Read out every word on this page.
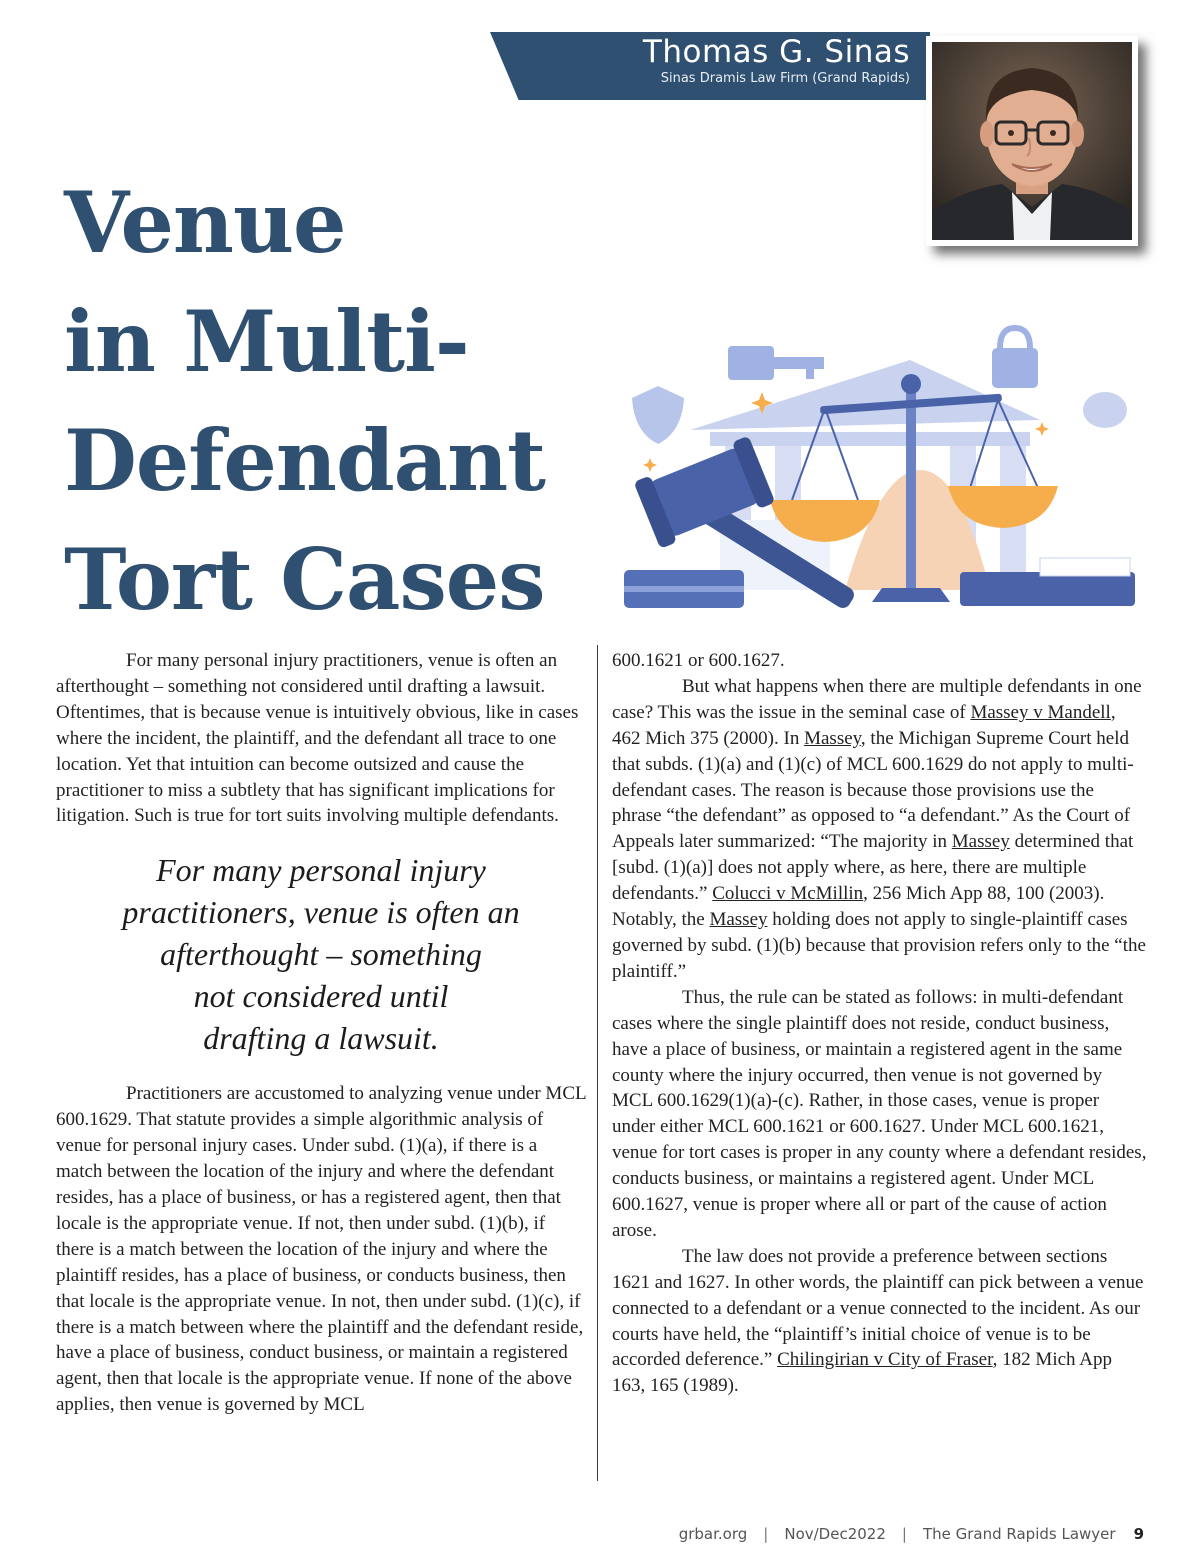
Thomas G. Sinas
Sinas Dramis Law Firm (Grand Rapids)
Venue
in Multi-
Defendant
Tort Cases

For many personal injury practitioners, venue is often an afterthought – something not considered until drafting a lawsuit. Oftentimes, that is because venue is intuitively obvious, like in cases where the incident, the plaintiff, and the defendant all trace to one location. Yet that intuition can become outsized and cause the practitioner to miss a subtlety that has significant implications for litigation. Such is true for tort suits involving multiple defendants.

For many personal injury
practitioners, venue is often an
afterthought – something
not considered until
drafting a lawsuit.

Practitioners are accustomed to analyzing venue under MCL 600.1629. That statute provides a simple algorithmic analysis of venue for personal injury cases. Under subd. (1)(a), if there is a match between the location of the injury and where the defendant resides, has a place of business, or has a registered agent, then that locale is the appropriate venue. If not, then under subd. (1)(b), if there is a match between the location of the injury and where the plaintiff resides, has a place of business, or conducts business, then that locale is the appropriate venue. In not, then under subd. (1)(c), if there is a match between where the plaintiff and the defendant reside, have a place of business, conduct business, or maintain a registered agent, then that locale is the appropriate venue. If none of the above applies, then venue is governed by MCL

600.1621 or 600.1627.

But what happens when there are multiple defendants in one case? This was the issue in the seminal case of Massey v Mandell, 462 Mich 375 (2000). In Massey, the Michigan Supreme Court held that subds. (1)(a) and (1)(c) of MCL 600.1629 do not apply to multi-defendant cases. The reason is because those provisions use the phrase “the defendant” as opposed to “a defendant.” As the Court of Appeals later summarized: “The majority in Massey determined that [subd. (1)(a)] does not apply where, as here, there are multiple defendants.” Colucci v McMillin, 256 Mich App 88, 100 (2003). Notably, the Massey holding does not apply to single-plaintiff cases governed by subd. (1)(b) because that provision refers only to the “the plaintiff.”

Thus, the rule can be stated as follows: in multi-defendant cases where the single plaintiff does not reside, conduct business, have a place of business, or maintain a registered agent in the same county where the injury occurred, then venue is not governed by MCL 600.1629(1)(a)-(c). Rather, in those cases, venue is proper under either MCL 600.1621 or 600.1627. Under MCL 600.1621, venue for tort cases is proper in any county where a defendant resides, conducts business, or maintains a registered agent. Under MCL 600.1627, venue is proper where all or part of the cause of action arose.

The law does not provide a preference between sections 1621 and 1627. In other words, the plaintiff can pick between a venue connected to a defendant or a venue connected to the incident. As our courts have held, the “plaintiff’s initial choice of venue is to be accorded deference.” Chilingirian v City of Fraser, 182 Mich App 163, 165 (1989).

grbar.org | Nov/Dec2022 | The Grand Rapids Lawyer 9
